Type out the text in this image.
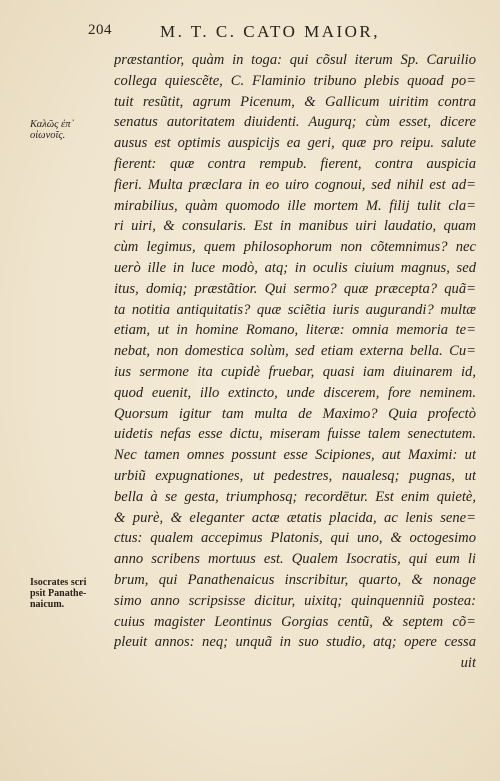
204	M. T. C. CATO MAIOR,
Καλῶς ἐπ᾽
οἰωνοῖς.
Isocrates scri
psit Panathe-
naicum.
præstantior, quàm in toga: qui cõsul iterum Sp. Caruilio
collega quiescẽte, C. Flaminio tribuno plebis quoad po=
tuit resũtit, agrum Picenum, & Gallicum uiritim contra
senatus autoritatem diuidenti. Augurq; cùm esset, dicere
ausus est optimis auspicijs ea geri, quæ pro reipu. salute
fierent: quæ contra rempub. fierent, contra auspicia
fieri. Multa præclara in eo uiro cognoui, sed nihil est ad=
mirabilius, quàm quomodo ille mortem M. filij tulit cla=
ri uiri, & consularis. Est in manibus uiri laudatio, quam
cùm legimus, quem philosophorum non cõtemnimus? nec
uerò ille in luce modò, atq; in oculis ciuium magnus, sed
itus, domiq; præstãtior. Qui sermo? quæ præcepta? quã=
ta notitia antiquitatis? quæ sciẽtia iuris augurandi? multæ
etiam, ut in homine Romano, literæ: omnia memoria te=
nebat, non domestica solùm, sed etiam externa bella. Cu=
ius sermone ita cupidè fruebar, quasi iam diuinarem id,
quod euenit, illo extincto, unde discerem, fore neminem.
Quorsum igitur tam multa de Maximo? Quia profectò
uidetis nefas esse dictu, miseram fuisse talem senectutem.
Nec tamen omnes possunt esse Scipiones, aut Maximi: ut
urbiũ expugnationes, ut pedestres, naualesq; pugnas, ut
bella à se gesta, triumphosq; recordētur. Est enim quietè,
& purè, & eleganter actæ ætatis placida, ac lenis sene=
ctus: qualem accepimus Platonis, qui uno, & octogesimo
anno scribens mortuus est. Qualem Isocratis, qui eum li
brum, qui Panathenaicus inscribitur, quarto, & nonage
simo anno scripsisse dicitur, uixitq; quinquenniũ postea:
cuius magister Leontinus Gorgias centũ, & septem cõ=
pleuit annos: neq; unquã in suo studio, atq; opere cessa
uit
